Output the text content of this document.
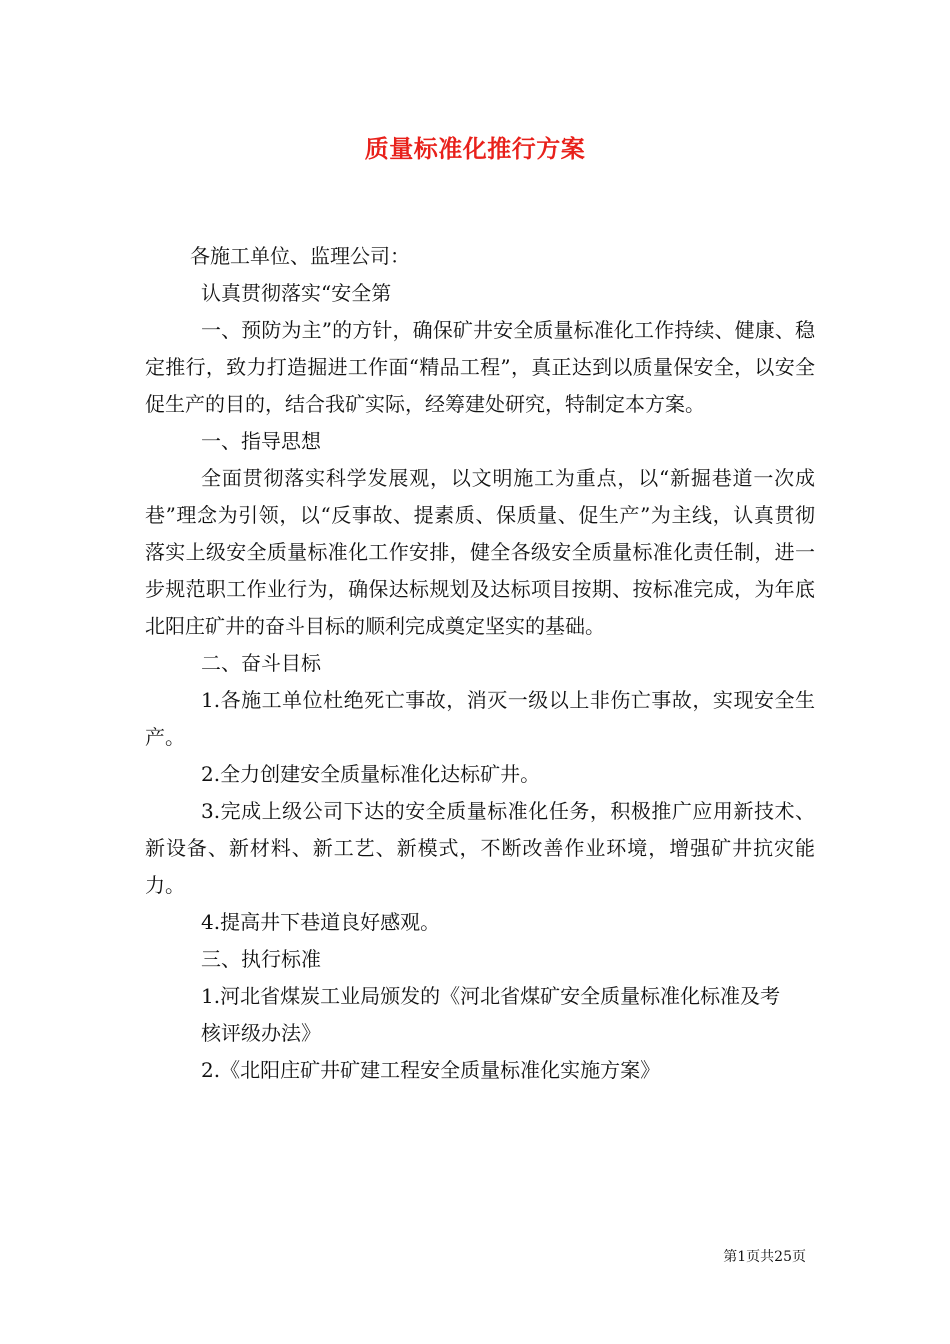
质量标准化推行方案

各施工单位、监理公司：

认真贯彻落实“安全第

一、预防为主”的方针，确保矿井安全质量标准化工作持续、健康、稳定推行，致力打造掘进工作面“精品工程”，真正达到以质量保安全，以安全促生产的目的，结合我矿实际，经筹建处研究，特制定本方案。

一、指导思想

全面贯彻落实科学发展观，以文明施工为重点，以“新掘巷道一次成巷”理念为引领，以“反事故、提素质、保质量、促生产”为主线，认真贯彻落实上级安全质量标准化工作安排，健全各级安全质量标准化责任制，进一步规范职工作业行为，确保达标规划及达标项目按期、按标准完成，为年底北阳庄矿井的奋斗目标的顺利完成奠定坚实的基础。

二、奋斗目标

1.各施工单位杜绝死亡事故，消灭一级以上非伤亡事故，实现安全生产。

2.全力创建安全质量标准化达标矿井。

3.完成上级公司下达的安全质量标准化任务，积极推广应用新技术、新设备、新材料、新工艺、新模式，不断改善作业环境，增强矿井抗灾能力。

4.提高井下巷道良好感观。

三、执行标准

1.河北省煤炭工业局颁发的《河北省煤矿安全质量标准化标准及考

核评级办法》

2.《北阳庄矿井矿建工程安全质量标准化实施方案》

第1页共25页
